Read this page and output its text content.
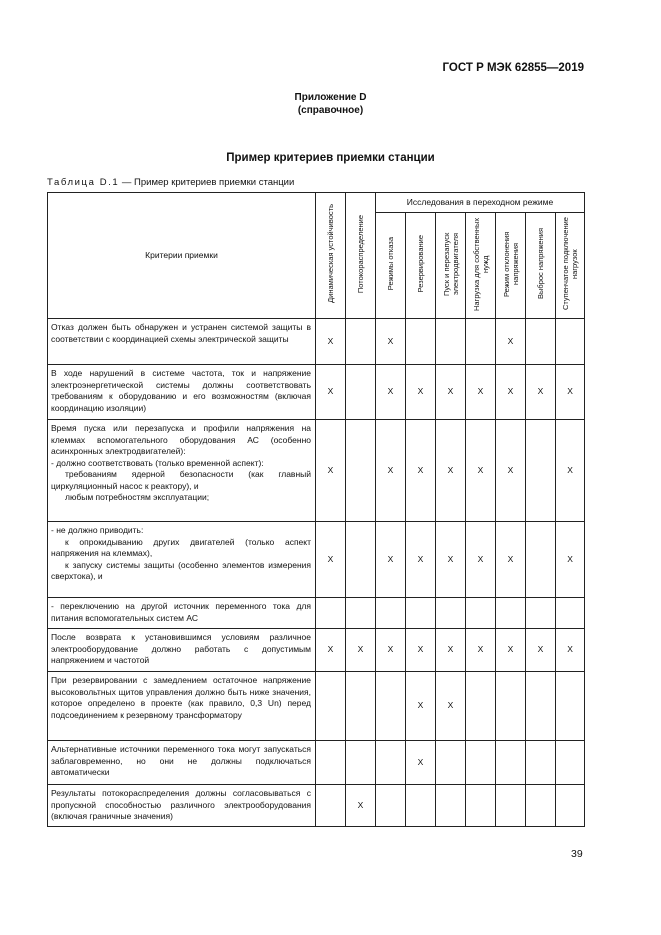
ГОСТ Р МЭК 62855—2019
Приложение D
(справочное)
Пример критериев приемки станции
Таблица D.1 — Пример критериев приемки станции
Критерии приемки	Динамическая устойчивость	Потокораспределение	Исследования в переходном режиме						
			Режимы отказа	Резервирование	Пуск и перезапуск электродвигателя	Нагрузка для собственных нужд	Режим отклонения напряжения	Выброс напряжения	Ступенчатое подключение нагрузок
Отказ должен быть обнаружен и устранен системой защиты в соответствии с координацией схемы электрической защиты	X		X				X		
В ходе нарушений в системе частота, ток и напряжение электроэнергетической системы должны соответствовать требованиям к оборудованию и его возможностям (включая координацию изоляции)	X		X	X	X	X	X	X	X

Время пуска или перезапуска и профили напряжения на клеммах вспомогательного оборудования АС (особенно асинхронных электродвигателей):

- должно соответствовать (только временной аспект):

требованиям ядерной безопасности (как главный циркуляционный насос к реактору), и

любым потребностям эксплуатации;	X		X	X	X	X	X		X

- не должно приводить:

к опрокидыванию других двигателей (только аспект напряжения на клеммах),

к запуску системы защиты (особенно элементов измерения сверхтока), и	X		X	X	X	X	X		X
- переключению на другой источник переменного тока для питания вспомогательных систем АС									
После возврата к установившимся условиям различное электрооборудование должно работать с допустимым напряжением и частотой	X	X	X	X	X	X	X	X	X
При резервировании с замедлением остаточное напряжение высоковольтных щитов управления должно быть ниже значения, которое определено в проекте (как правило, 0,3 Un) перед подсоединением к резервному трансформатору				X	X				
Альтернативные источники переменного тока могут запускаться заблаговременно, но они не должны подключаться автоматически				X					
Результаты потокораспределения должны согласовываться с пропускной способностью различного электрооборудования (включая граничные значения)		X							
39
